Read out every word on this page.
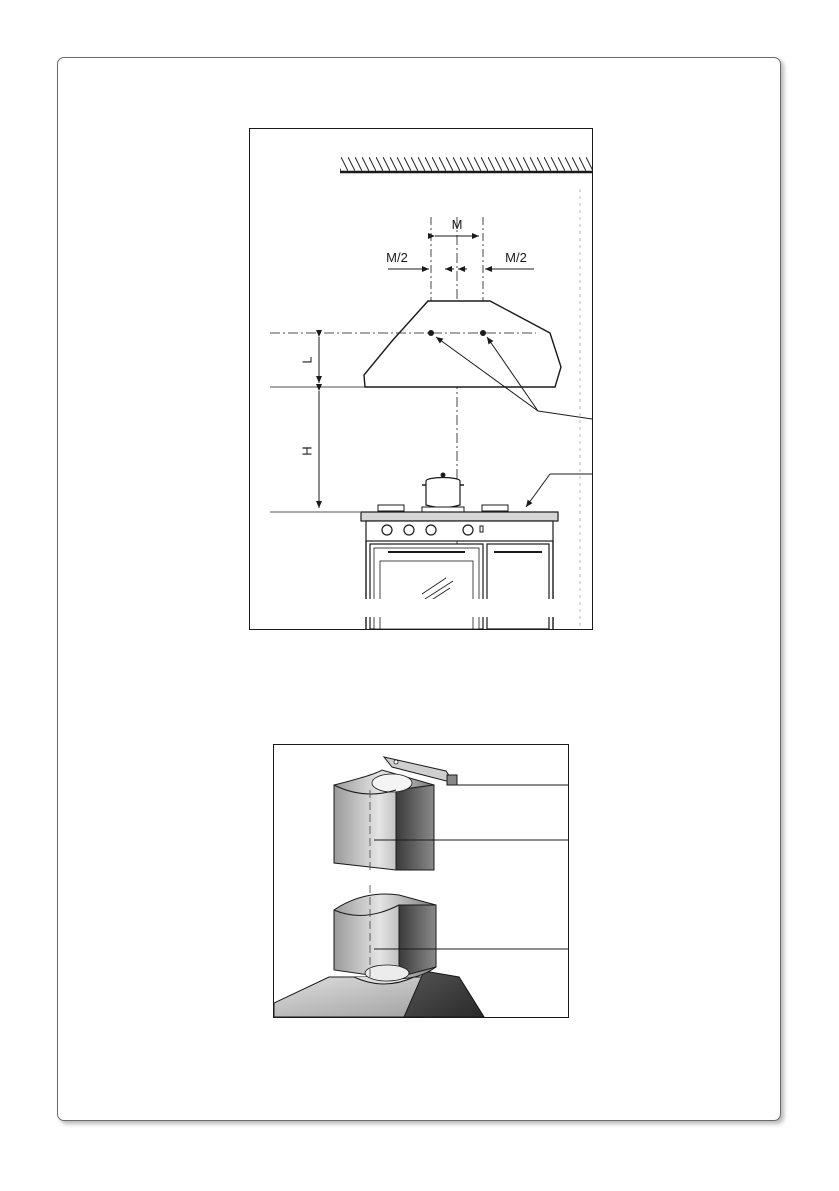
M
M/2	M/2
L
H
